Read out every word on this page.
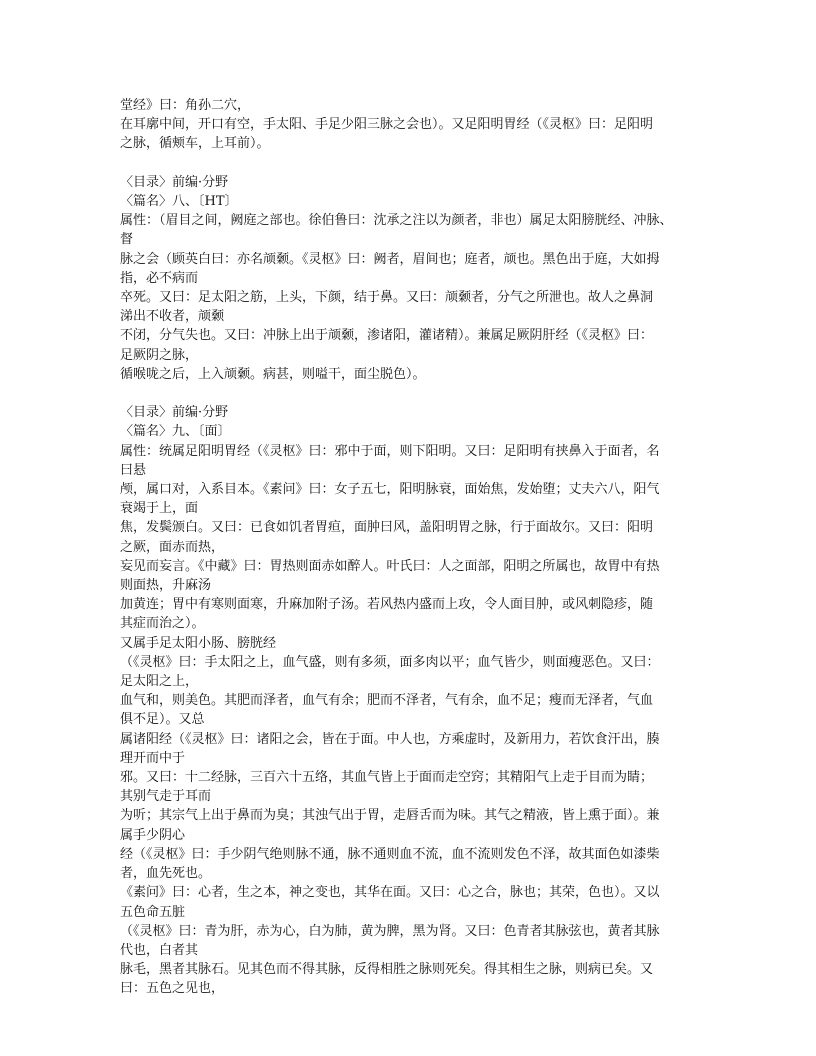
堂经》曰：角孙二穴，
在耳廓中间，开口有空，手太阳、手足少阳三脉之会也）。又足阳明胃经（《灵枢》曰：足阳明
之脉，循颊车，上耳前）。
〈目录〉前编·分野
〈篇名〉八、〔HT〕
属性：（眉目之间，阙庭之部也。徐伯鲁曰：沈承之注以为颜者，非也）属足太阳膀胱经、冲脉、
督
脉之会（顾英白曰：亦名颃颡。《灵枢》曰：阙者，眉间也；庭者，颃也。黑色出于庭，大如拇
指，必不病而
卒死。又曰：足太阳之筋，上头，下颜，结于鼻。又曰：颃颡者，分气之所泄也。故人之鼻洞
涕出不收者，颃颡
不闭，分气失也。又曰：冲脉上出于颃颡，渗诸阳，灌诸精）。兼属足厥阴肝经（《灵枢》曰：
足厥阴之脉，
循喉咙之后，上入颃颡。病甚，则嗌干，面尘脱色）。
〈目录〉前编·分野
〈篇名〉九、〔面〕
属性：统属足阳明胃经（《灵枢》曰：邪中于面，则下阳明。又曰：足阳明有挟鼻入于面者，名
曰悬
颅，属口对，入系目本。《素问》曰：女子五七，阳明脉衰，面始焦，发始堕；丈夫六八，阳气
衰竭于上，面
焦，发鬓颁白。又曰：已食如饥者胃疸，面肿曰风，盖阳明胃之脉，行于面故尔。又曰：阳明
之厥，面赤而热，
妄见而妄言。《中藏》曰：胃热则面赤如醉人。叶氏曰：人之面部，阳明之所属也，故胃中有热
则面热，升麻汤
加黄连；胃中有寒则面寒，升麻加附子汤。若风热内盛而上攻，令人面目肿，或风刺隐疹，随
其症而治之）。
又属手足太阳小肠、膀胱经
（《灵枢》曰：手太阳之上，血气盛，则有多须，面多肉以平；血气皆少，则面瘦恶色。又曰：
足太阳之上，
血气和，则美色。其肥而泽者，血气有余；肥而不泽者，气有余，血不足；瘦而无泽者，气血
俱不足）。又总
属诸阳经（《灵枢》曰：诸阳之会，皆在于面。中人也，方乘虚时，及新用力，若饮食汗出，腠
理开而中于
邪。又曰：十二经脉，三百六十五络，其血气皆上于面而走空窍；其精阳气上走于目而为睛；
其别气走于耳而
为听；其宗气上出于鼻而为臭；其浊气出于胃，走唇舌而为味。其气之精液，皆上熏于面）。兼
属手少阴心
经（《灵枢》曰：手少阴气绝则脉不通，脉不通则血不流，血不流则发色不泽，故其面色如漆柴
者，血先死也。
《素问》曰：心者，生之本，神之变也，其华在面。又曰：心之合，脉也；其荣，色也）。又以
五色命五脏
（《灵枢》曰：青为肝，赤为心，白为肺，黄为脾，黑为肾。又曰：色青者其脉弦也，黄者其脉
代也，白者其
脉毛，黑者其脉石。见其色而不得其脉，反得相胜之脉则死矣。得其相生之脉，则病已矣。又
曰：五色之见也，
